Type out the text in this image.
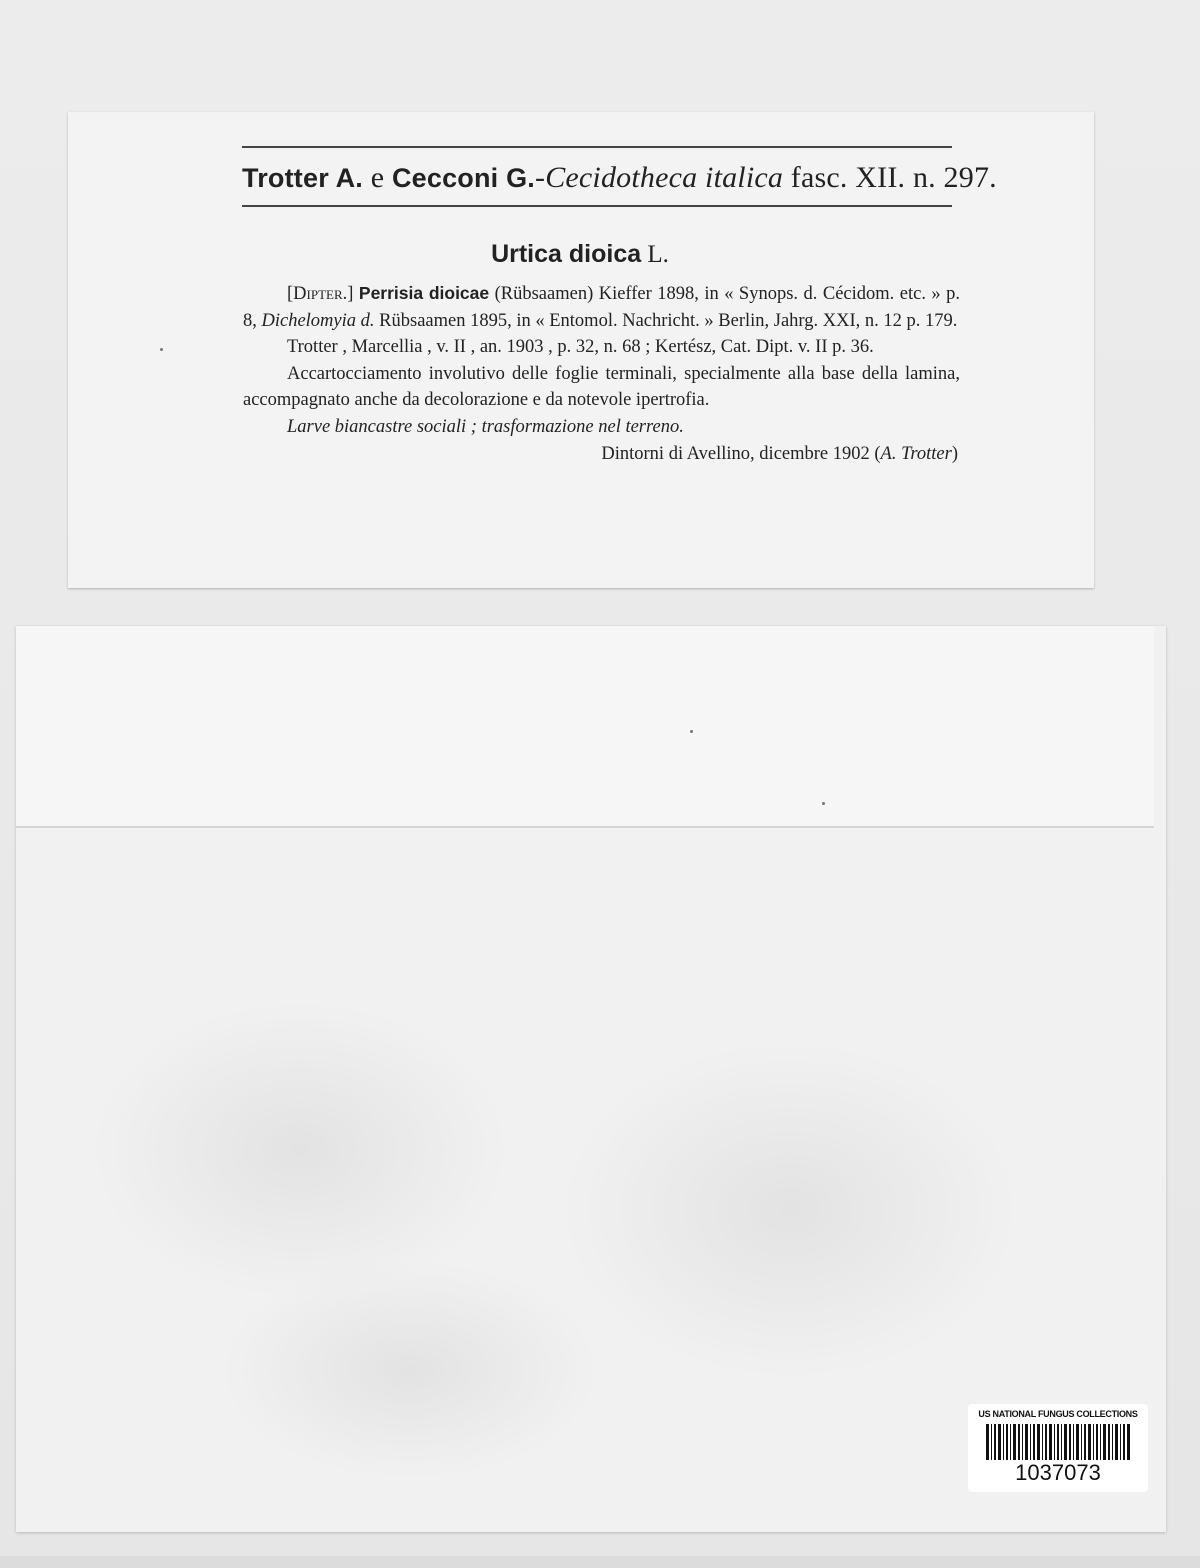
Trotter A. e Cecconi G.-Cecidotheca italica fasc. XII. n. 297.
Urtica dioica L.

[Dipter.] Perrisia dioicae (Rübsaamen) Kieffer 1898, in « Synops. d. Cécidom. etc. » p. 8, Dichelomyia d. Rübsaamen 1895, in « Entomol. Nachricht. » Berlin, Jahrg. XXI, n. 12 p. 179.

Trotter , Marcellia , v. II , an. 1903 , p. 32, n. 68 ; Kertész, Cat. Dipt. v. II p. 36.

Accartocciamento involutivo delle foglie terminali, specialmente alla base della lamina, accompagnato anche da decolorazione e da notevole ipertrofia.

Larve biancastre sociali ; trasformazione nel terreno.

Dintorni di Avellino, dicembre 1902 (A. Trotter)

US NATIONAL FUNGUS COLLECTIONS
1037073
